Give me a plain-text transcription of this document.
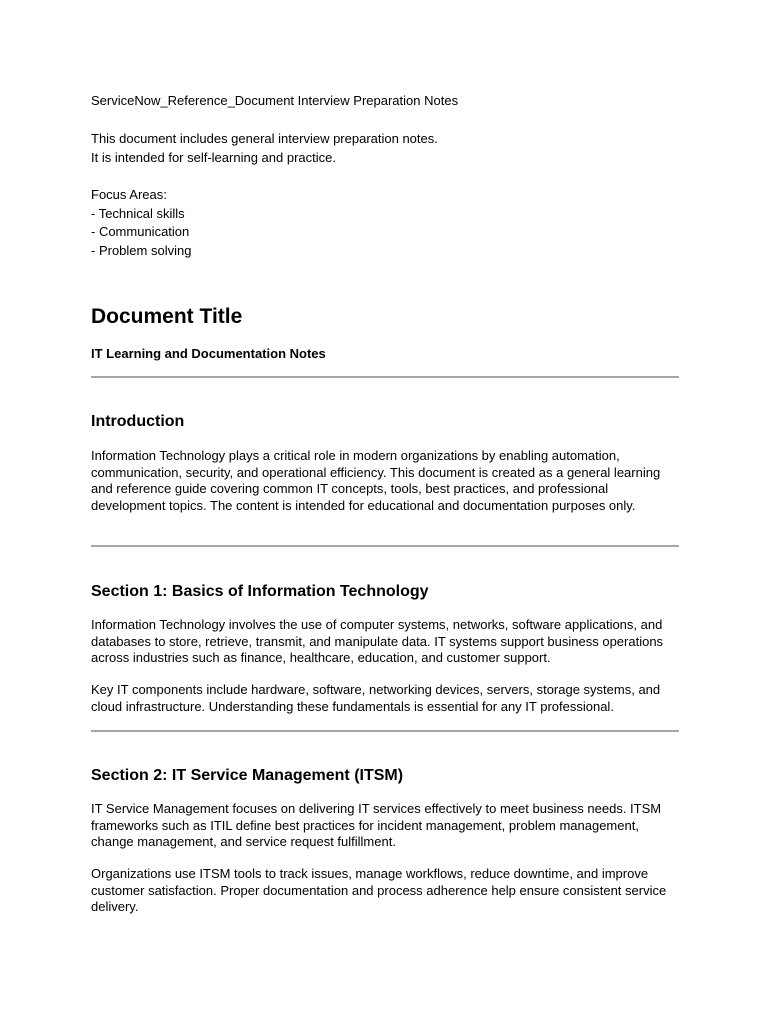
ServiceNow_Reference_Document Interview Preparation Notes
This document includes general interview preparation notes.
It is intended for self-learning and practice.
Focus Areas:
- Technical skills
- Communication
- Problem solving
Document Title

IT Learning and Documentation Notes

Introduction

Information Technology plays a critical role in modern organizations by enabling automation, communication, security, and operational efficiency. This document is created as a general learning and reference guide covering common IT concepts, tools, best practices, and professional development topics. The content is intended for educational and documentation purposes only.

Section 1: Basics of Information Technology

Information Technology involves the use of computer systems, networks, software applications, and databases to store, retrieve, transmit, and manipulate data. IT systems support business operations across industries such as finance, healthcare, education, and customer support.

Key IT components include hardware, software, networking devices, servers, storage systems, and cloud infrastructure. Understanding these fundamentals is essential for any IT professional.

Section 2: IT Service Management (ITSM)

IT Service Management focuses on delivering IT services effectively to meet business needs. ITSM frameworks such as ITIL define best practices for incident management, problem management, change management, and service request fulfillment.

Organizations use ITSM tools to track issues, manage workflows, reduce downtime, and improve customer satisfaction. Proper documentation and process adherence help ensure consistent service delivery.
